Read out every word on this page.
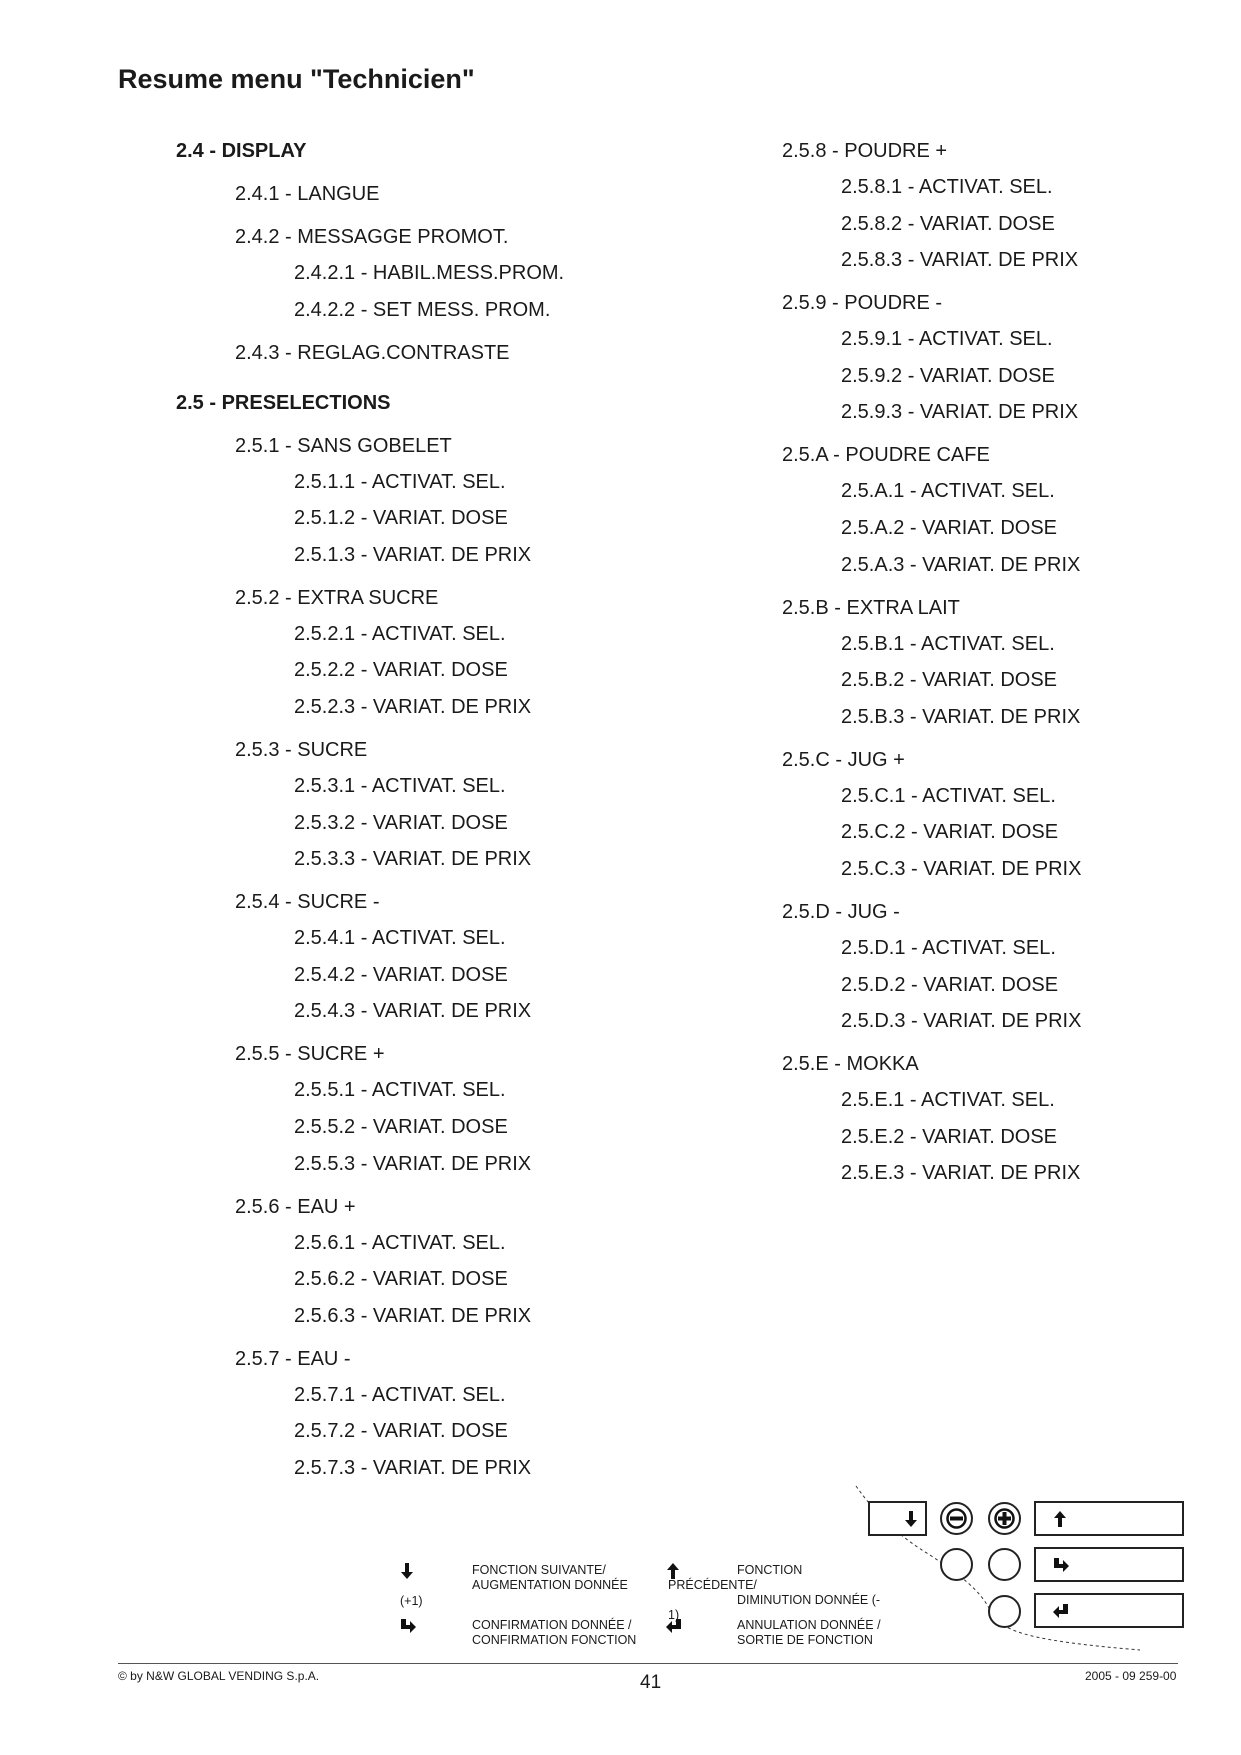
Resume menu "Technicien"
2.4 - DISPLAY
2.4.1 - LANGUE
2.4.2 - MESSAGGE PROMOT.
2.4.2.1 - HABIL.MESS.PROM.
2.4.2.2 - SET MESS. PROM.
2.4.3 - REGLAG.CONTRASTE
2.5 - PRESELECTIONS
2.5.1 - SANS GOBELET
2.5.1.1 - ACTIVAT. SEL.
2.5.1.2 - VARIAT. DOSE
2.5.1.3 - VARIAT. DE PRIX
2.5.2 - EXTRA SUCRE
2.5.2.1 - ACTIVAT. SEL.
2.5.2.2 - VARIAT. DOSE
2.5.2.3 - VARIAT. DE PRIX
2.5.3 - SUCRE
2.5.3.1 - ACTIVAT. SEL.
2.5.3.2 - VARIAT. DOSE
2.5.3.3 - VARIAT. DE PRIX
2.5.4 - SUCRE -
2.5.4.1 - ACTIVAT. SEL.
2.5.4.2 - VARIAT. DOSE
2.5.4.3 - VARIAT. DE PRIX
2.5.5 - SUCRE +
2.5.5.1 - ACTIVAT. SEL.
2.5.5.2 - VARIAT. DOSE
2.5.5.3 - VARIAT. DE PRIX
2.5.6 - EAU +
2.5.6.1 - ACTIVAT. SEL.
2.5.6.2 - VARIAT. DOSE
2.5.6.3 - VARIAT. DE PRIX
2.5.7 - EAU -
2.5.7.1 - ACTIVAT. SEL.
2.5.7.2 - VARIAT. DOSE
2.5.7.3 - VARIAT. DE PRIX
2.5.8 - POUDRE +
2.5.8.1 - ACTIVAT. SEL.
2.5.8.2 - VARIAT. DOSE
2.5.8.3 - VARIAT. DE PRIX
2.5.9 - POUDRE -
2.5.9.1 - ACTIVAT. SEL.
2.5.9.2 - VARIAT. DOSE
2.5.9.3 - VARIAT. DE PRIX
2.5.A - POUDRE CAFE
2.5.A.1 - ACTIVAT. SEL.
2.5.A.2 - VARIAT. DOSE
2.5.A.3 - VARIAT. DE PRIX
2.5.B - EXTRA LAIT
2.5.B.1 - ACTIVAT. SEL.
2.5.B.2 - VARIAT. DOSE
2.5.B.3 - VARIAT. DE PRIX
2.5.C - JUG +
2.5.C.1 - ACTIVAT. SEL.
2.5.C.2 - VARIAT. DOSE
2.5.C.3 - VARIAT. DE PRIX
2.5.D - JUG -
2.5.D.1 - ACTIVAT. SEL.
2.5.D.2 - VARIAT. DOSE
2.5.D.3 - VARIAT. DE PRIX
2.5.E - MOKKA
2.5.E.1 - ACTIVAT. SEL.
2.5.E.2 - VARIAT. DOSE
2.5.E.3 - VARIAT. DE PRIX
FONCTION SUIVANTE/
AUGMENTATION DONNÉE
(+1)
FONCTION
PRÉCÉDENTE/
DIMINUTION DONNÉE (-
1)
CONFIRMATION DONNÉE /
CONFIRMATION FONCTION
ANNULATION DONNÉE /
SORTIE DE FONCTION
© by N&W GLOBAL VENDING S.p.A.	41	2005 - 09 259-00
